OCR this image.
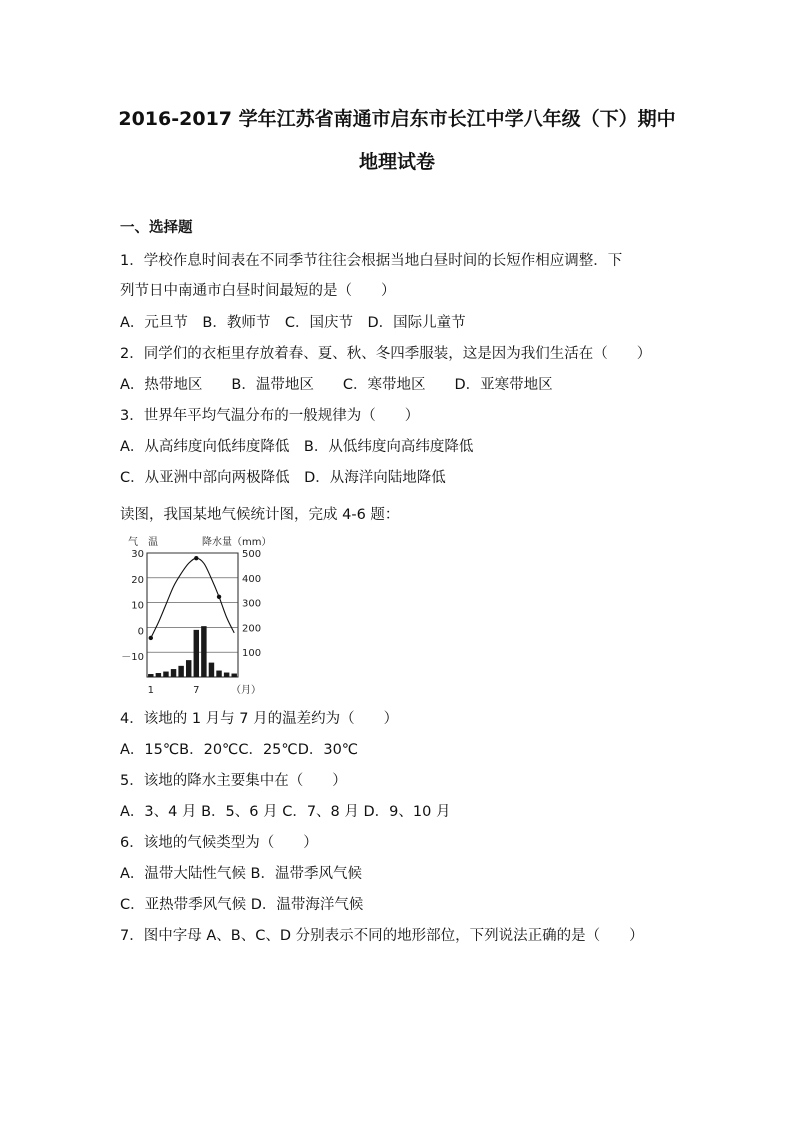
2016-2017 学年江苏省南通市启东市长江中学八年级（下）期中
地理试卷
一、选择题
1．学校作息时间表在不同季节往往会根据当地白昼时间的长短作相应调整．下
列节日中南通市白昼时间最短的是（　　）
A．元旦节　B．教师节　C．国庆节　D．国际儿童节
2．同学们的衣柜里存放着春、夏、秋、冬四季服装，这是因为我们生活在（　　）
A．热带地区　　B．温带地区　　C．寒带地区　　D．亚寒带地区
3．世界年平均气温分布的一般规律为（　　）
A．从高纬度向低纬度降低　B．从低纬度向高纬度降低
C．从亚洲中部向两极降低　D．从海洋向陆地降低
读图，我国某地气候统计图，完成 4-6 题：
30
20
10
0
－10
500
400
300
200
100
气　温	降水量（mm）
1	7	（月）
4．该地的 1 月与 7 月的温差约为（　　）
A．15℃B．20℃C．25℃D．30℃
5．该地的降水主要集中在（　　）
A．3、4 月 B．5、6 月 C．7、8 月 D．9、10 月
6．该地的气候类型为（　　）
A．温带大陆性气候 B．温带季风气候
C．亚热带季风气候 D．温带海洋气候
7．图中字母 A、B、C、D 分别表示不同的地形部位，下列说法正确的是（　　）
